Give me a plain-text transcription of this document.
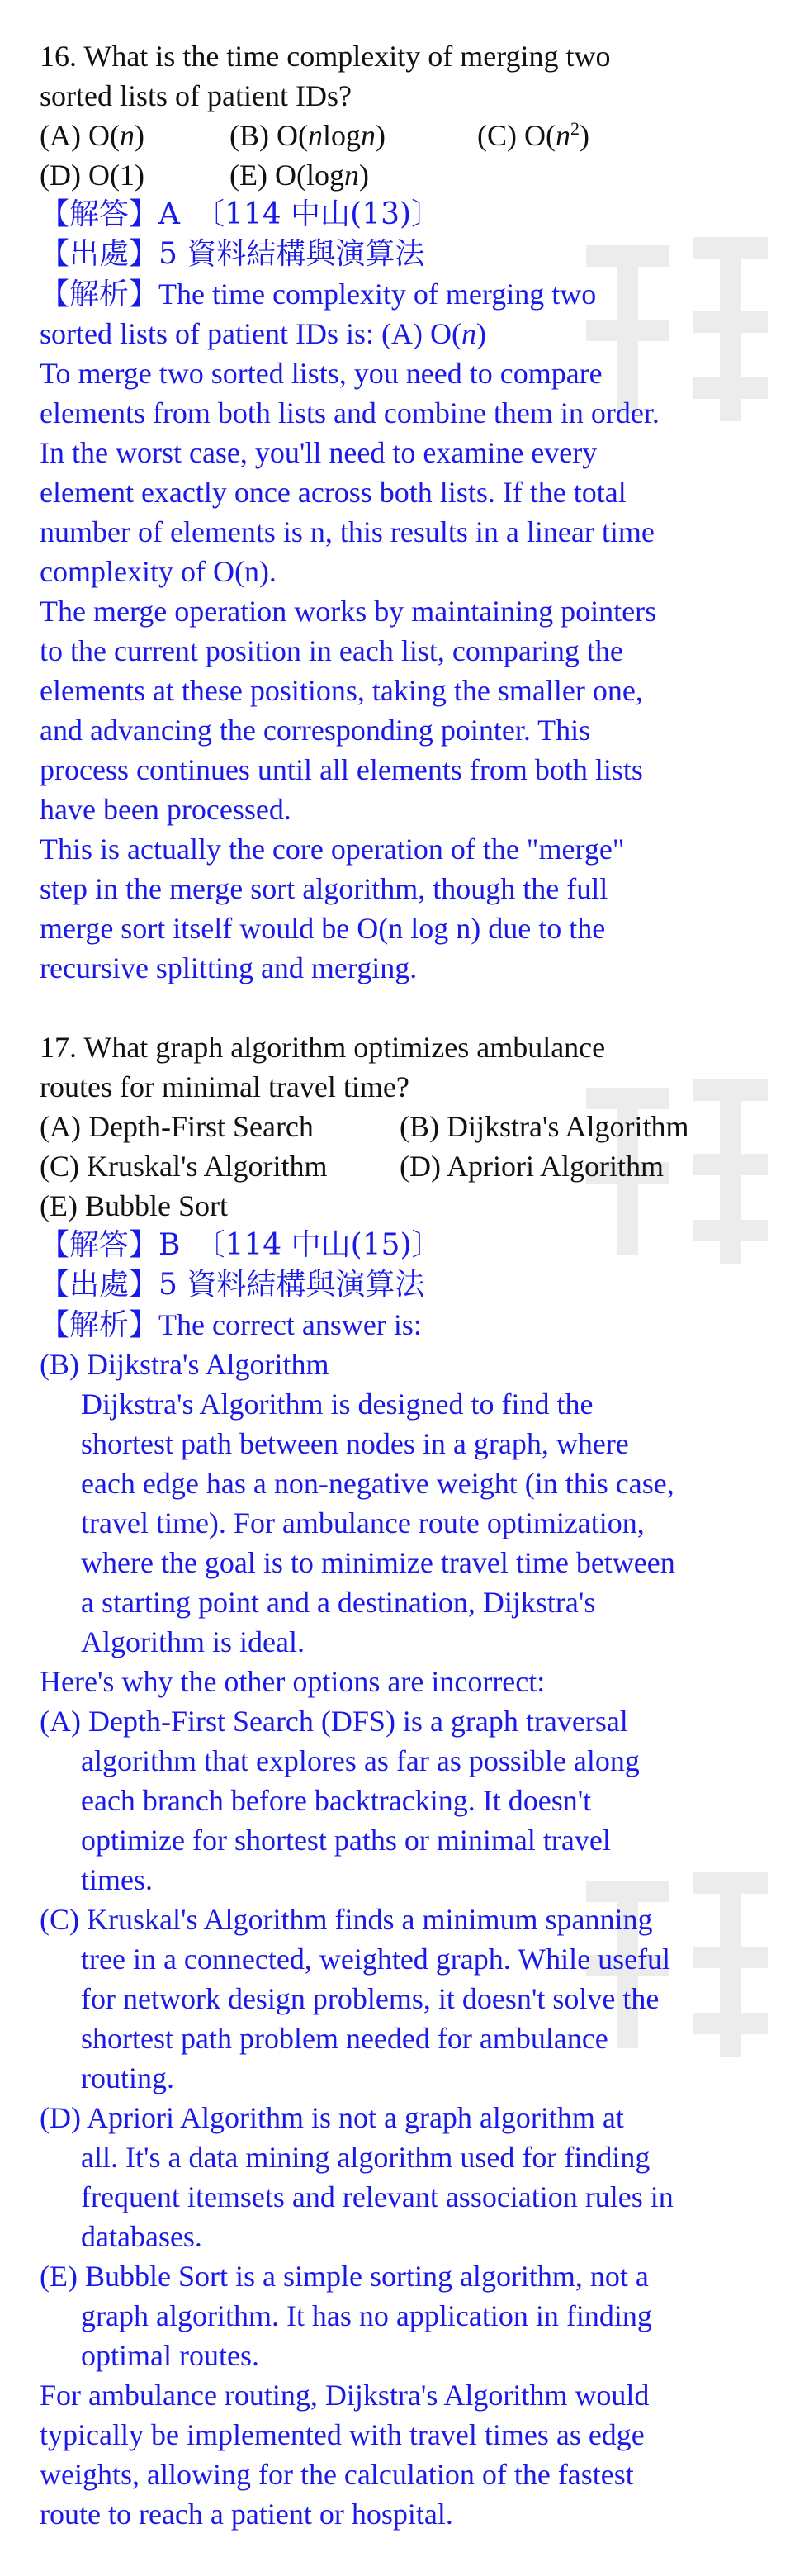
16. What is the time complexity of merging two
sorted lists of patient IDs?
(A) O(n)	(B) O(nlogn)	(C) $O(n^2)$
(D) O(1)	(E) O(logn)
【解答】A　〔114 中山(13)〕
【出處】5 資料結構與演算法
【解析】The time complexity of merging two
sorted lists of patient IDs is: (A) O(n)
To merge two sorted lists, you need to compare
elements from both lists and combine them in order.
In the worst case, you'll need to examine every
element exactly once across both lists. If the total
number of elements is n, this results in a linear time
complexity of O(n).
The merge operation works by maintaining pointers
to the current position in each list, comparing the
elements at these positions, taking the smaller one,
and advancing the corresponding pointer. This
process continues until all elements from both lists
have been processed.
This is actually the core operation of the "merge"
step in the merge sort algorithm, though the full
merge sort itself would be O(n log n) due to the
recursive splitting and merging.
17. What graph algorithm optimizes ambulance
routes for minimal travel time?
(A) Depth-First Search	(B) Dijkstra's Algorithm
(C) Kruskal's Algorithm (D) Apriori Algorithm
(E) Bubble Sort
【解答】B　〔114 中山(15)〕
【出處】5 資料結構與演算法
【解析】The correct answer is:
(B) Dijkstra's Algorithm
Dijkstra's Algorithm is designed to find the
shortest path between nodes in a graph, where
each edge has a non-negative weight (in this case,
travel time). For ambulance route optimization,
where the goal is to minimize travel time between
a starting point and a destination, Dijkstra's
Algorithm is ideal.
Here's why the other options are incorrect:
(A) Depth-First Search (DFS) is a graph traversal
algorithm that explores as far as possible along
each branch before backtracking. It doesn't
optimize for shortest paths or minimal travel
times.
(C) Kruskal's Algorithm finds a minimum spanning
tree in a connected, weighted graph. While useful
for network design problems, it doesn't solve the
shortest path problem needed for ambulance
routing.
(D) Apriori Algorithm is not a graph algorithm at
all. It's a data mining algorithm used for finding
frequent itemsets and relevant association rules in
databases.
(E) Bubble Sort is a simple sorting algorithm, not a
graph algorithm. It has no application in finding
optimal routes.
For ambulance routing, Dijkstra's Algorithm would
typically be implemented with travel times as edge
weights, allowing for the calculation of the fastest
route to reach a patient or hospital.
